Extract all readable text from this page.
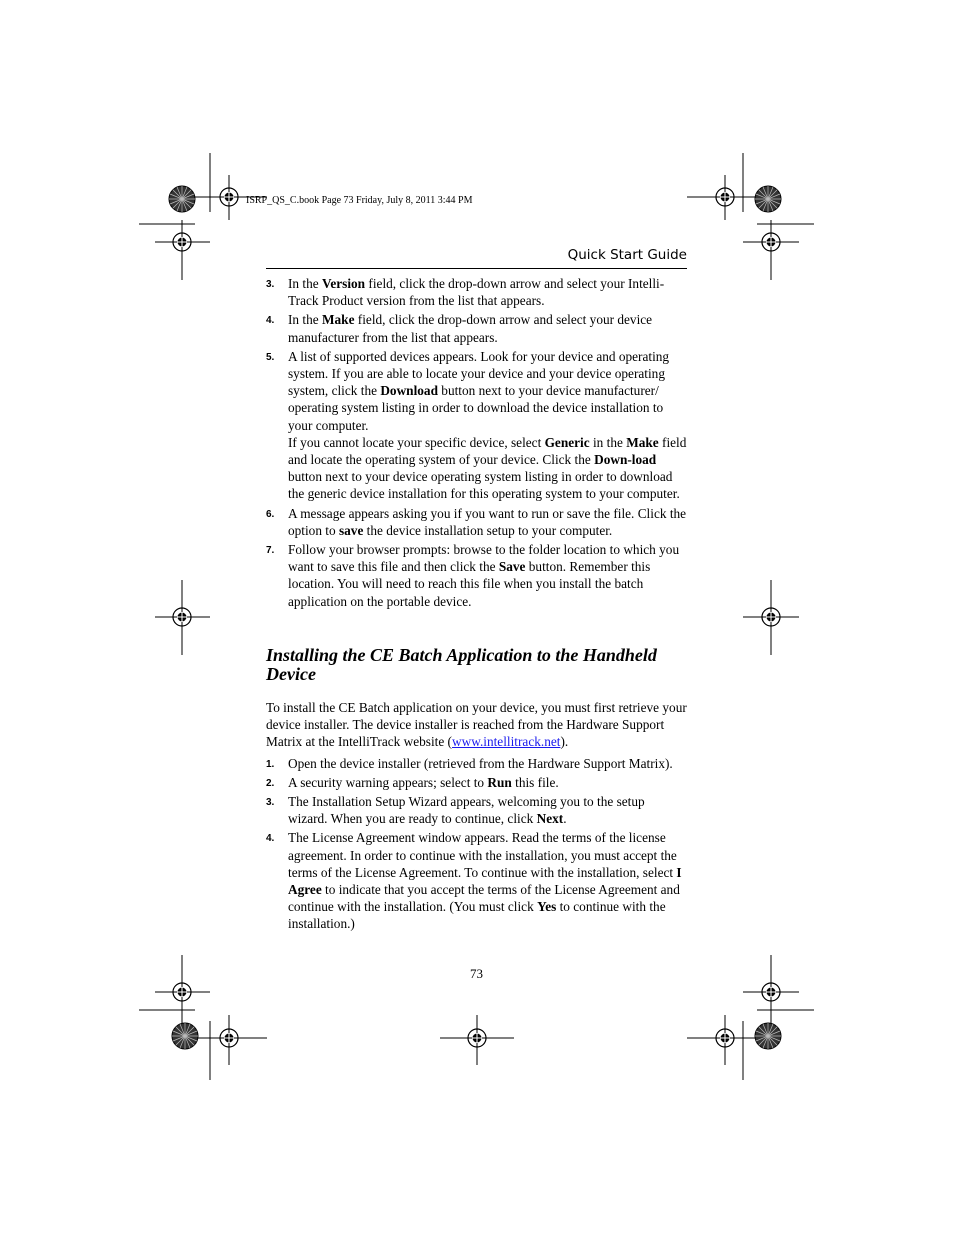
ISRP_QS_C.book Page 73 Friday, July 8, 2011 3:44 PM
Quick Start Guide
3. In the Version field, click the drop-down arrow and select your Intelli-Track Product version from the list that appears.
4. In the Make field, click the drop-down arrow and select your device manufacturer from the list that appears.
5. A list of supported devices appears. Look for your device and operating system. If you are able to locate your device and your device operating system, click the Download button next to your device manufacturer/ operating system listing in order to download the device installation to your computer.
If you cannot locate your specific device, select Generic in the Make field and locate the operating system of your device. Click the Down-load button next to your device operating system listing in order to download the generic device installation for this operating system to your computer.
6. A message appears asking you if you want to run or save the file. Click the option to save the device installation setup to your computer.
7. Follow your browser prompts: browse to the folder location to which you want to save this file and then click the Save button. Remember this location. You will need to reach this file when you install the batch application on the portable device.
Installing the CE Batch Application to the Handheld Device
To install the CE Batch application on your device, you must first retrieve your device installer. The device installer is reached from the Hardware Support Matrix at the IntelliTrack website (www.intellitrack.net).
1. Open the device installer (retrieved from the Hardware Support Matrix).
2. A security warning appears; select to Run this file.
3. The Installation Setup Wizard appears, welcoming you to the setup wizard. When you are ready to continue, click Next.
4. The License Agreement window appears. Read the terms of the license agreement. In order to continue with the installation, you must accept the terms of the License Agreement. To continue with the installation, select I Agree to indicate that you accept the terms of the License Agreement and continue with the installation. (You must click Yes to continue with the installation.)
73
